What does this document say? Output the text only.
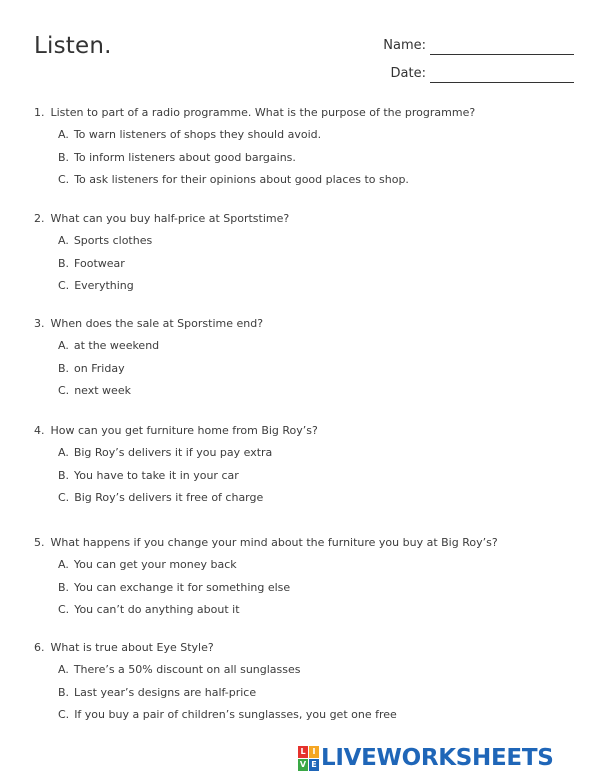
Listen.	Name:
Date:
1. Listen to part of a radio programme. What is the purpose of the programme?
A. To warn listeners of shops they should avoid.
B. To inform listeners about good bargains.
C. To ask listeners for their opinions about good places to shop.
2. What can you buy half-price at Sportstime?
A. Sports clothes
B. Footwear
C. Everything
3. When does the sale at Sporstime end?
A. at the weekend
B. on Friday
C. next week
4. How can you get furniture home from Big Roy’s?
A. Big Roy’s delivers it if you pay extra
B. You have to take it in your car
C. Big Roy’s delivers it free of charge
5. What happens if you change your mind about the furniture you buy at Big Roy’s?
A. You can get your money back
B. You can exchange it for something else
C. You can’t do anything about it
6. What is true about Eye Style?
A. There’s a 50% discount on all sunglasses
B. Last year’s designs are half-price
C. If you buy a pair of children’s sunglasses, you get one free
L I
V E LIVEWORKSHEETS
